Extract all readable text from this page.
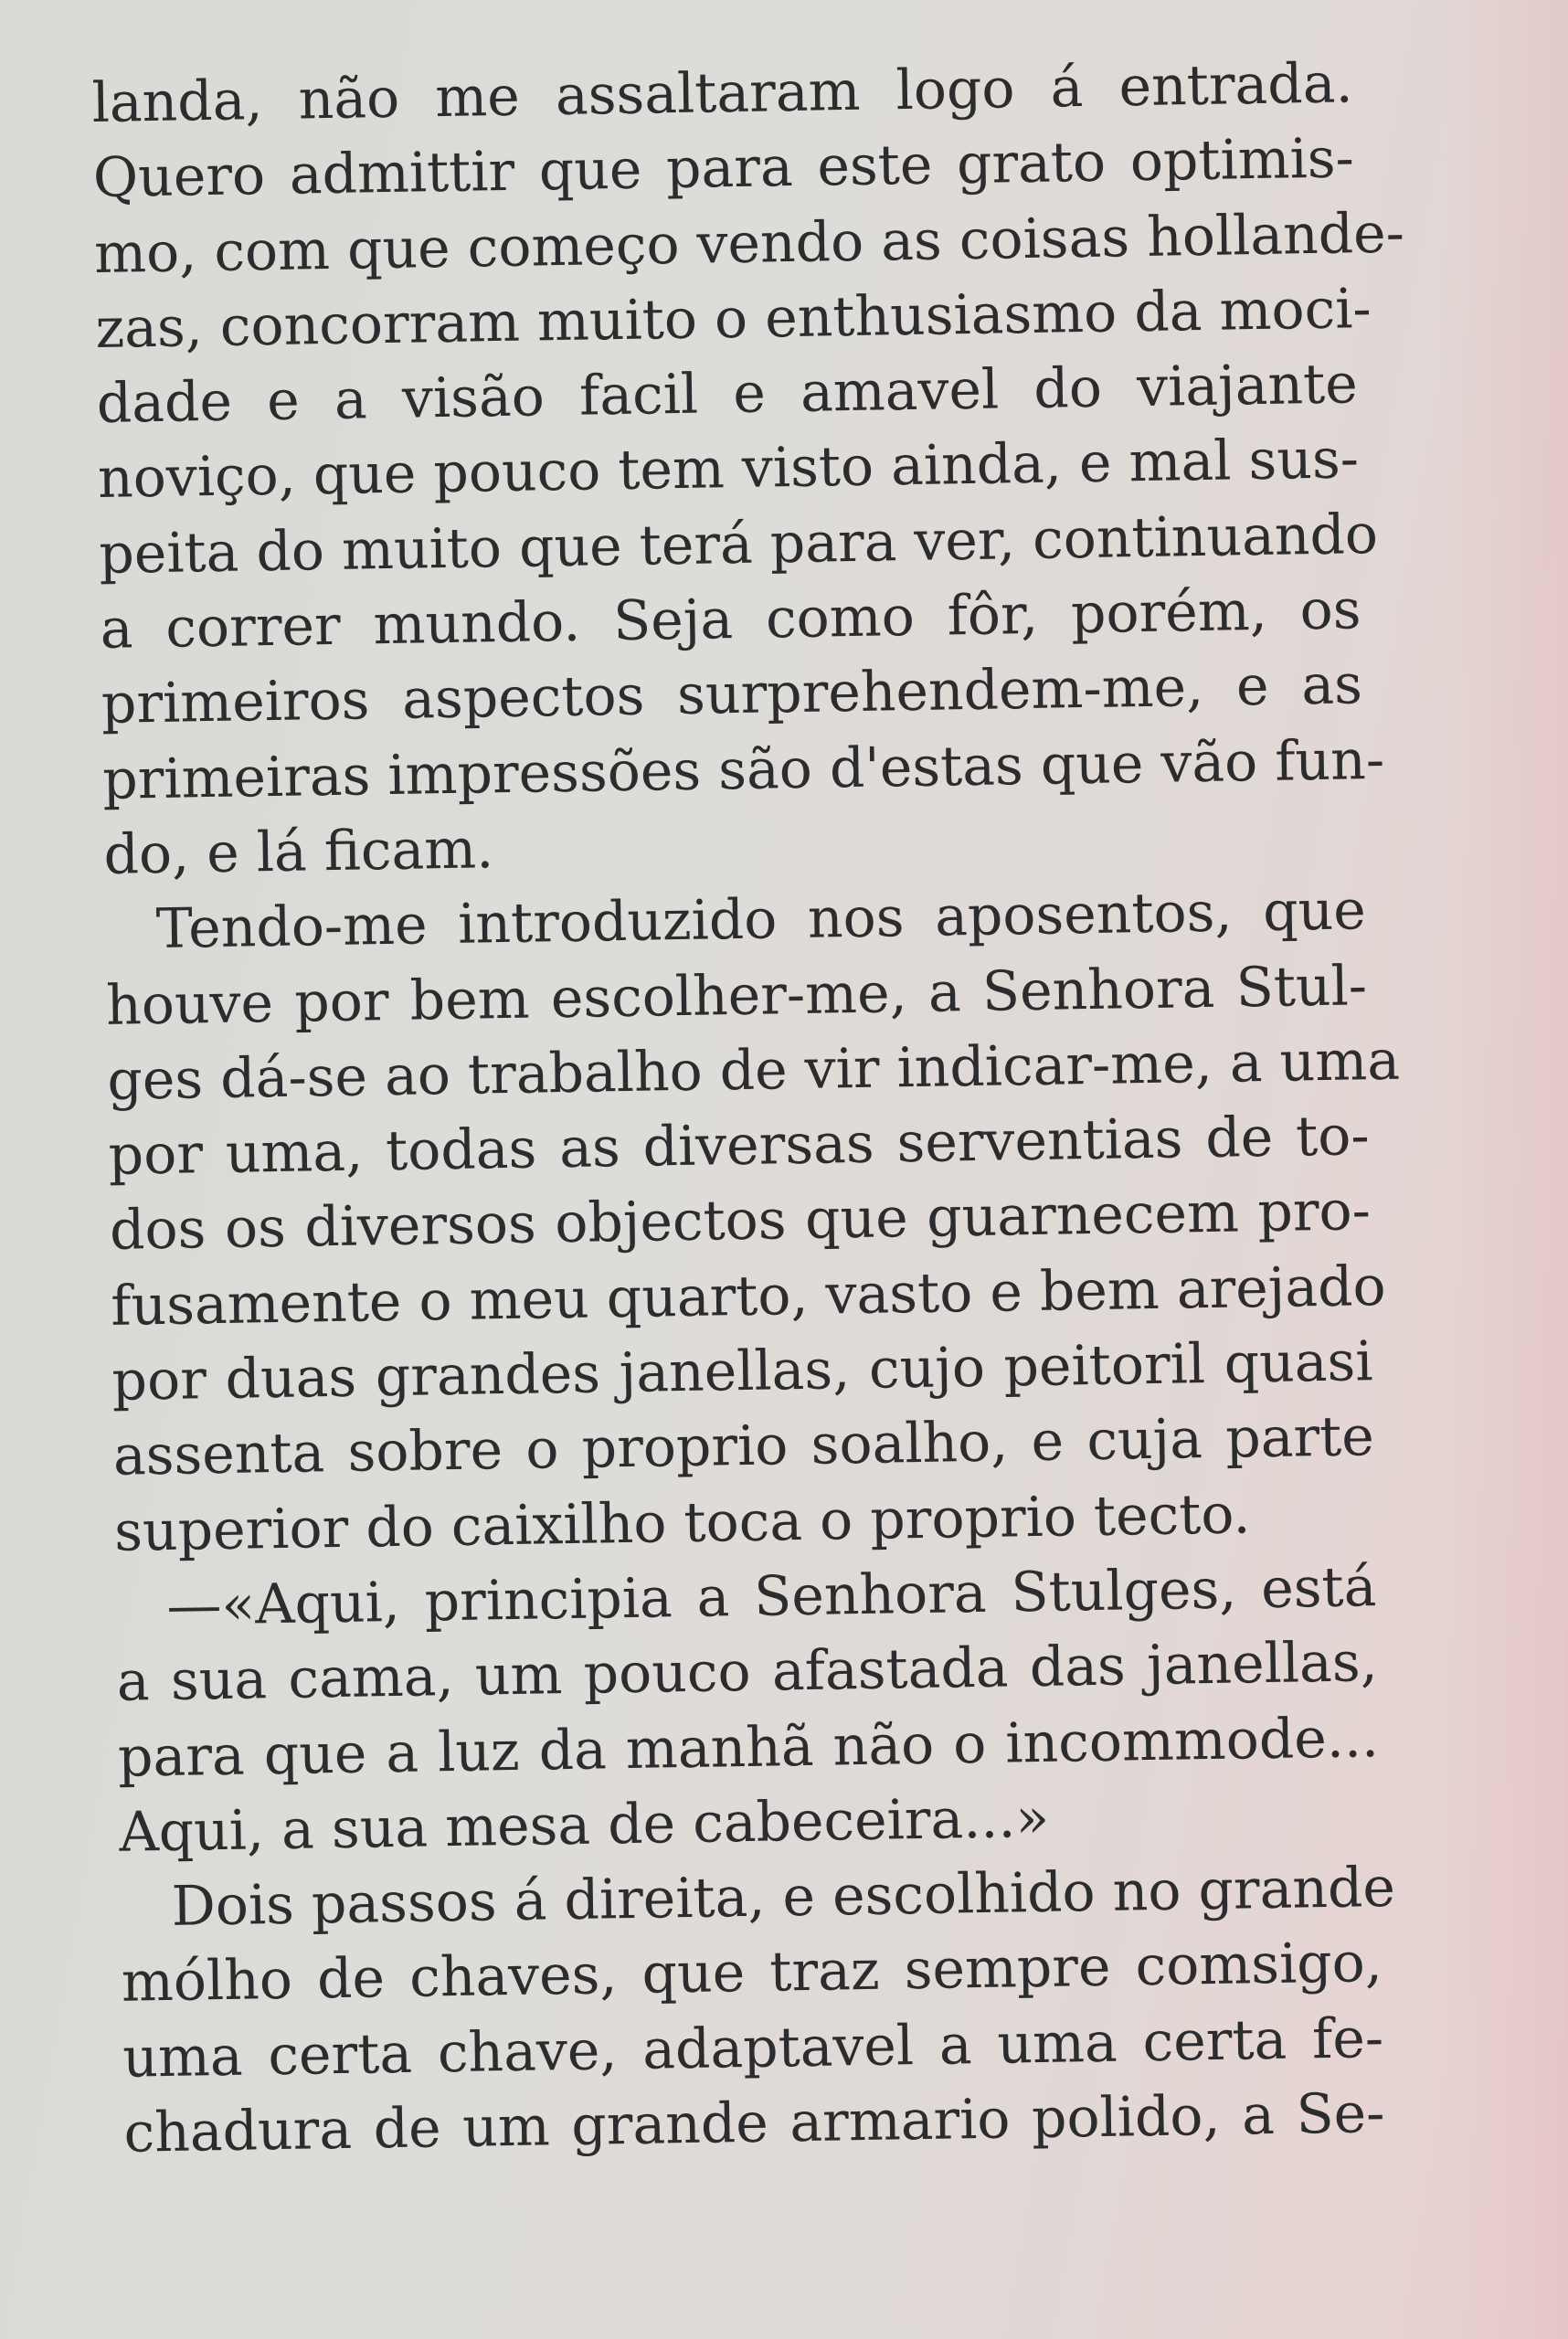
landa, não me assaltaram logo á entrada.
Quero admittir que para este grato optimis-
mo, com que começo vendo as coisas hollande-
zas, concorram muito o enthusiasmo da moci-
dade e a visão facil e amavel do viajante
noviço, que pouco tem visto ainda, e mal sus-
peita do muito que terá para ver, continuando
a correr mundo. Seja como fôr, porém, os
primeiros aspectos surprehendem-me, e as
primeiras impressões são d'estas que vão fun-
do, e lá ficam.

Tendo-me introduzido nos aposentos, que
houve por bem escolher-me, a Senhora Stul-
ges dá-se ao trabalho de vir indicar-me, a uma
por uma, todas as diversas serventias de to-
dos os diversos objectos que guarnecem pro-
fusamente o meu quarto, vasto e bem arejado
por duas grandes janellas, cujo peitoril quasi
assenta sobre o proprio soalho, e cuja parte
superior do caixilho toca o proprio tecto.

—«Aqui, principia a Senhora Stulges, está
a sua cama, um pouco afastada das janellas,
para que a luz da manhã não o incommode...
Aqui, a sua mesa de cabeceira...»

Dois passos á direita, e escolhido no grande
mólho de chaves, que traz sempre comsigo,
uma certa chave, adaptavel a uma certa fe-
chadura de um grande armario polido, a Se-
